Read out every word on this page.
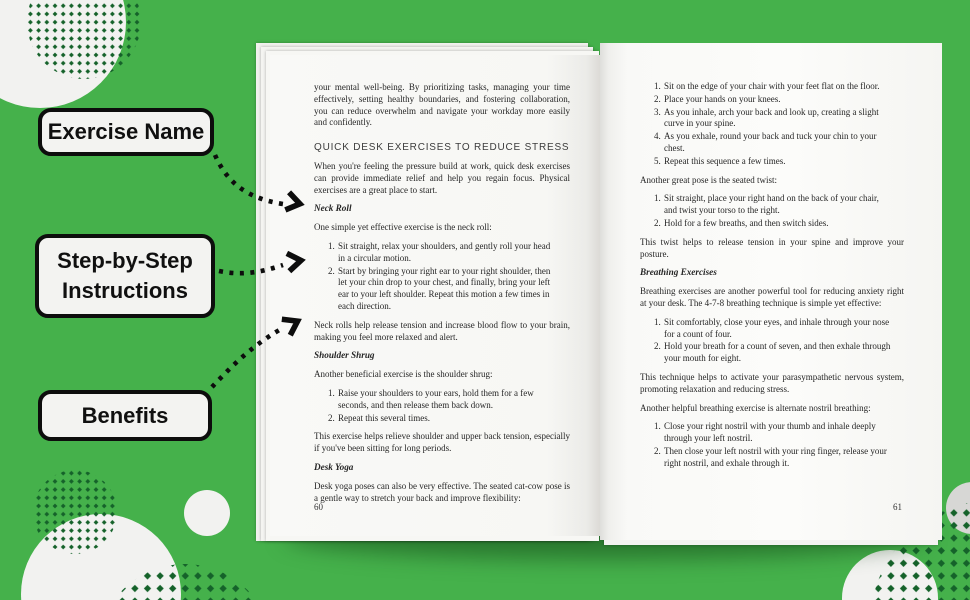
your mental well-being. By prioritizing tasks, managing your time effectively, setting healthy boundaries, and fostering collaboration, you can reduce overwhelm and navigate your workday more easily and confidently.

QUICK DESK EXERCISES TO REDUCE STRESS

When you're feeling the pressure build at work, quick desk exercises can provide immediate relief and help you regain focus. Physical exercises are a great place to start.

Neck Roll

One simple yet effective exercise is the neck roll:

1. Sit straight, relax your shoulders, and gently roll your head in a circular motion.
2. Start by bringing your right ear to your right shoulder, then let your chin drop to your chest, and finally, bring your left ear to your left shoulder. Repeat this motion a few times in each direction.

Neck rolls help release tension and increase blood flow to your brain, making you feel more relaxed and alert.

Shoulder Shrug

Another beneficial exercise is the shoulder shrug:

1. Raise your shoulders to your ears, hold them for a few seconds, and then release them back down.
2. Repeat this several times.

This exercise helps relieve shoulder and upper back tension, especially if you've been sitting for long periods.

Desk Yoga

Desk yoga poses can also be very effective. The seated cat-cow pose is a gentle way to stretch your back and improve flexibility:

60
1. Sit on the edge of your chair with your feet flat on the floor.
2. Place your hands on your knees.
3. As you inhale, arch your back and look up, creating a slight curve in your spine.
4. As you exhale, round your back and tuck your chin to your chest.
5. Repeat this sequence a few times.

Another great pose is the seated twist:

1. Sit straight, place your right hand on the back of your chair, and twist your torso to the right.
2. Hold for a few breaths, and then switch sides.

This twist helps to release tension in your spine and improve your posture.

Breathing Exercises

Breathing exercises are another powerful tool for reducing anxiety right at your desk. The 4-7-8 breathing technique is simple yet effective:

1. Sit comfortably, close your eyes, and inhale through your nose for a count of four.
2. Hold your breath for a count of seven, and then exhale through your mouth for eight.

This technique helps to activate your parasympathetic nervous system, promoting relaxation and reducing stress.

Another helpful breathing exercise is alternate nostril breathing:

1. Close your right nostril with your thumb and inhale deeply through your left nostril.
2. Then close your left nostril with your ring finger, release your right nostril, and exhale through it.
61
Exercise Name
Step-by-Step Instructions
Benefits
